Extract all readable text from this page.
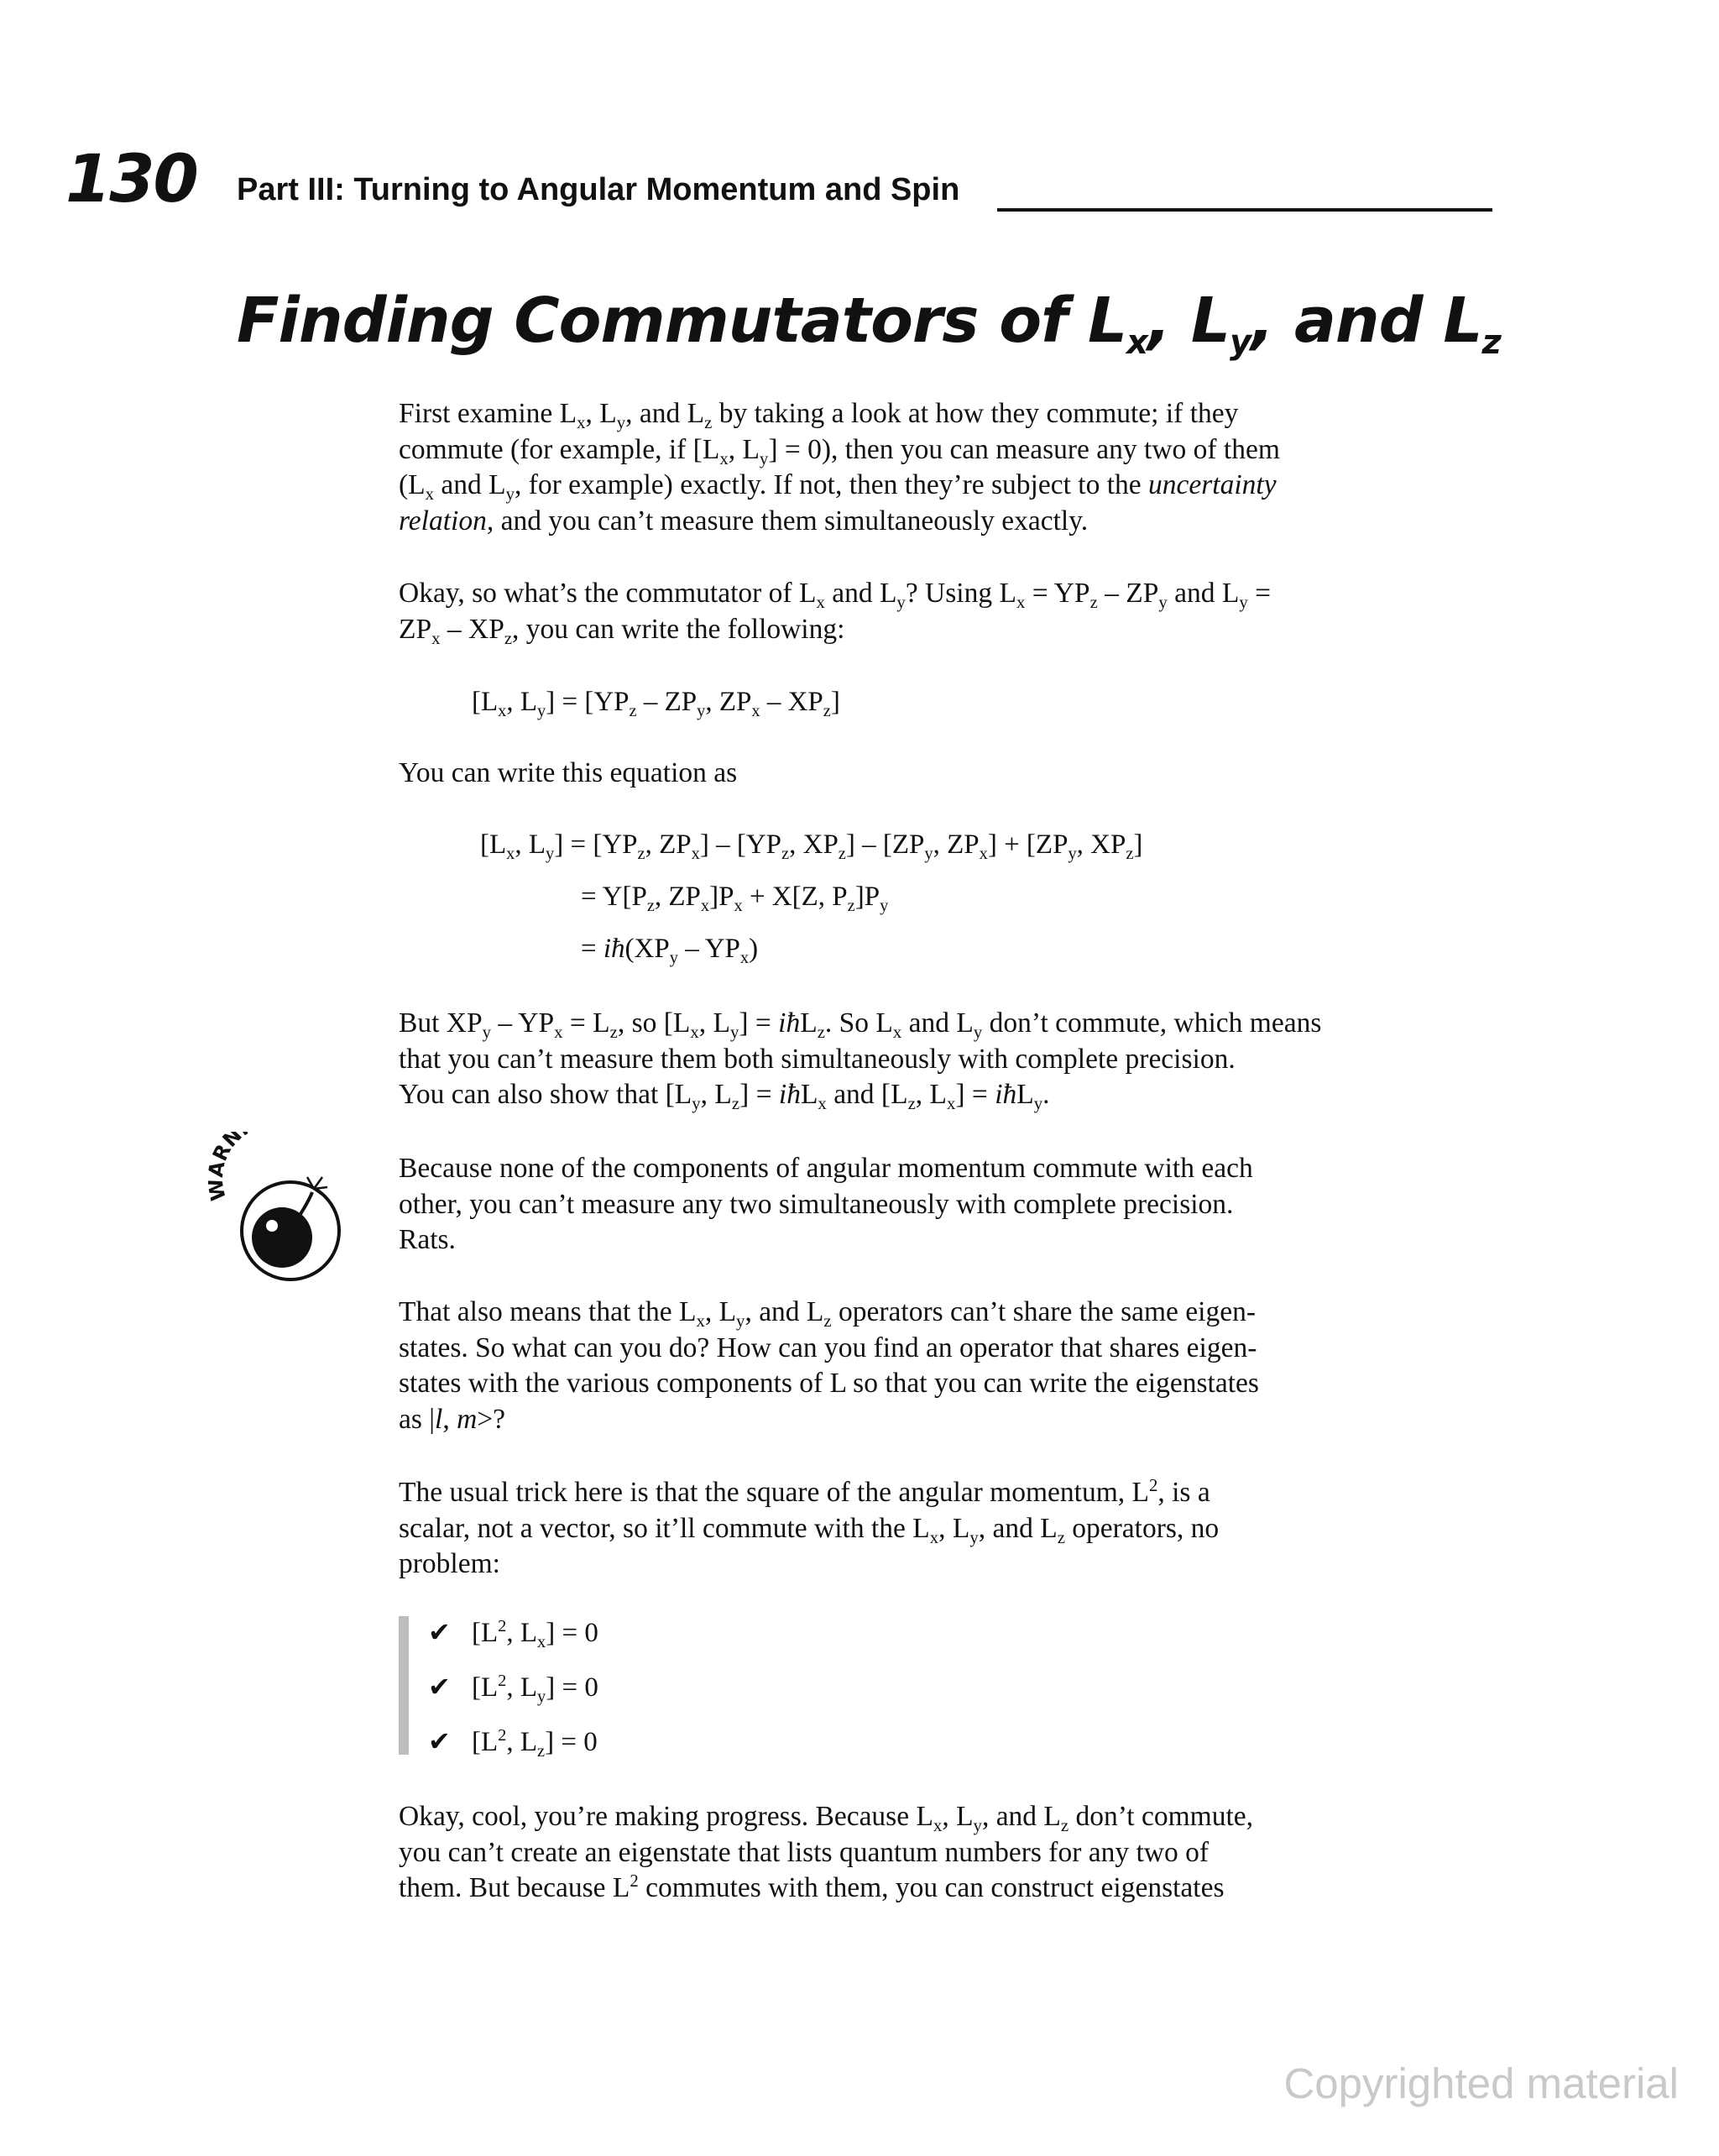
130 Part III: Turning to Angular Momentum and Spin
Finding Commutators of $L_x$, $L_y$, and $L_z$
First examine $L_x$, $L_y$, and $L_z$ by taking a look at how they commute; if they
commute (for example, if [$L_x$, $L_y] = 0$), then you can measure any two of them
($L_x$ and $L_y$, for example) exactly. If not, then they’re subject to the uncertainty
relation, and you can’t measure them simultaneously exactly.
Okay, so what’s the commutator of $L_x$ and $L_y$? Using $L_x = YP_z - ZP_y$ and $L_y$ =
$ZP_x - XP_z$, you can write the following:
[$L_x$, $L_y] = [YP_z - ZP_y$, $ZP_x - XP_z$]
You can write this equation as
[$L_x$, $L_y] = [YP_z$, $ZP_x] - [YP_z$, $XP_z] - [ZP_y$, $ZP_x] + [ZP_y$, $XP_z$]
= $Y[P_z$, $ZP_x]P_x + X[Z$, $P_z]P_y$
= $iħ(XP_y - YP_x)$
But $XP_y - YP_x = L_z$, so [$L_x$, $L_y$] = iħL$_z$. So $L_x$ and $L_y$ don’t commute, which means
that you can’t measure them both simultaneously with complete precision.
You can also show that [$L_y$, $L_z$] = iħL$_x$ and [$L_z$, $L_x$] = iħL$_y$.
RN
Because none of the components of angular momentum commute with each
other, you can’t measure any two simultaneously with complete precision.
Rats.
That also means that the $L_x$, $L_y$, and $L_z$ operators can’t share the same eigen-
states. So what can you do? How can you find an operator that shares eigen-
states with the various components of L so that you can write the eigenstates
as |l, m>?
The usual trick here is that the square of the angular momentum, $L^2$, is a
scalar, not a vector, so it’ll commute with the $L_x$, $L_y$, and $L_z$ operators, no
problem:
✔ [$L^2$, $L_x] = 0$
✔ [$L^2$, $L_y] = 0$
✔ [$L^2$, $L_z] = 0$
Okay, cool, you’re making progress. Because $L_x$, $L_y$, and $L_z$ don’t commute,
you can’t create an eigenstate that lists quantum numbers for any two of
them. But because $L^2$ commutes with them, you can construct eigenstates
Copyrighted material
